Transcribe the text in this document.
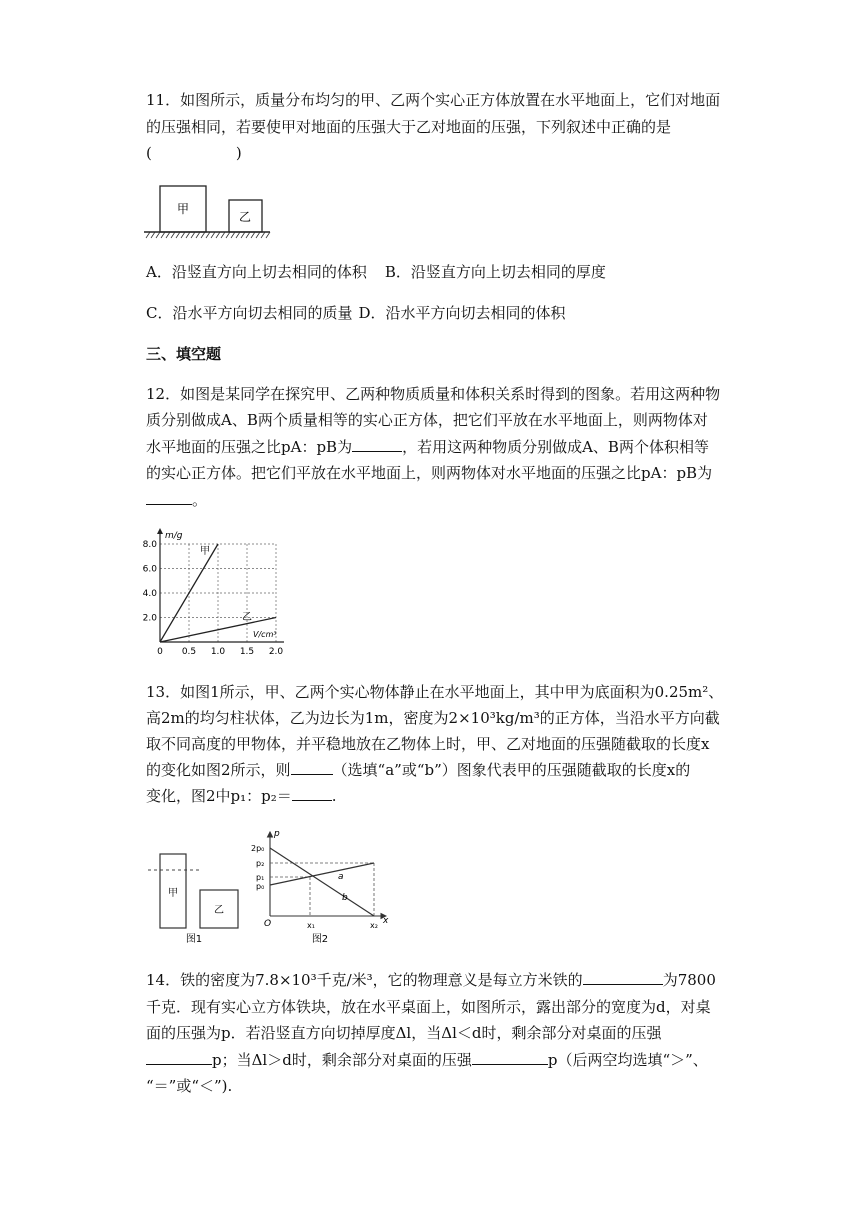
11．如图所示，质量分布均匀的甲、乙两个实心正方体放置在水平地面上，它们对地面
的压强相同，若要使甲对地面的压强大于乙对地面的压强，下列叙述中正确的是
(	)
甲
乙
A．沿竖直方向上切去相同的体积 B．沿竖直方向上切去相同的厚度
C．沿水平方向切去相同的质量 D．沿水平方向切去相同的体积
三、填空题
12．如图是某同学在探究甲、乙两种物质质量和体积关系时得到的图象。若用这两种物
质分别做成A、B两个质量相等的实心正方体，把它们平放在水平地面上，则两物体对
水平地面的压强之比pA：pB为	，若用这两种物质分别做成A、B两个体积相等
的实心正方体。把它们平放在水平地面上，则两物体对水平地面的压强之比pA：pB为
。
m/g
V/cm³
0 0.5 1.0 1.5 2.0
2.0
4.0
6.0
8.0
甲
乙
13．如图1所示，甲、乙两个实心物体静止在水平地面上，其中甲为底面积为0.25m²、
高2m的均匀柱状体，乙为边长为1m，密度为2×10³kg/m³的正方体，当沿水平方向截
取不同高度的甲物体，并平稳地放在乙物体上时，甲、乙对地面的压强随截取的长度x
的变化如图2所示，则	（选填“a”或“b”）图象代表甲的压强随截取的长度x的
变化，图2中p₁：p₂＝	.
甲
乙
图1
p
x
O
2p₀
p₂
p₁
p₀
a
b
x₁	x₂
图2
14．铁的密度为7.8×10³千克/米³，它的物理意义是每立方米铁的	为7800
千克．现有实心立方体铁块，放在水平桌面上，如图所示，露出部分的宽度为d，对桌
面的压强为p．若沿竖直方向切掉厚度Δl，当Δl＜d时，剩余部分对桌面的压强
p；当Δl＞d时，剩余部分对桌面的压强	p（后两空均选填“＞”、
“＝”或“＜”).
